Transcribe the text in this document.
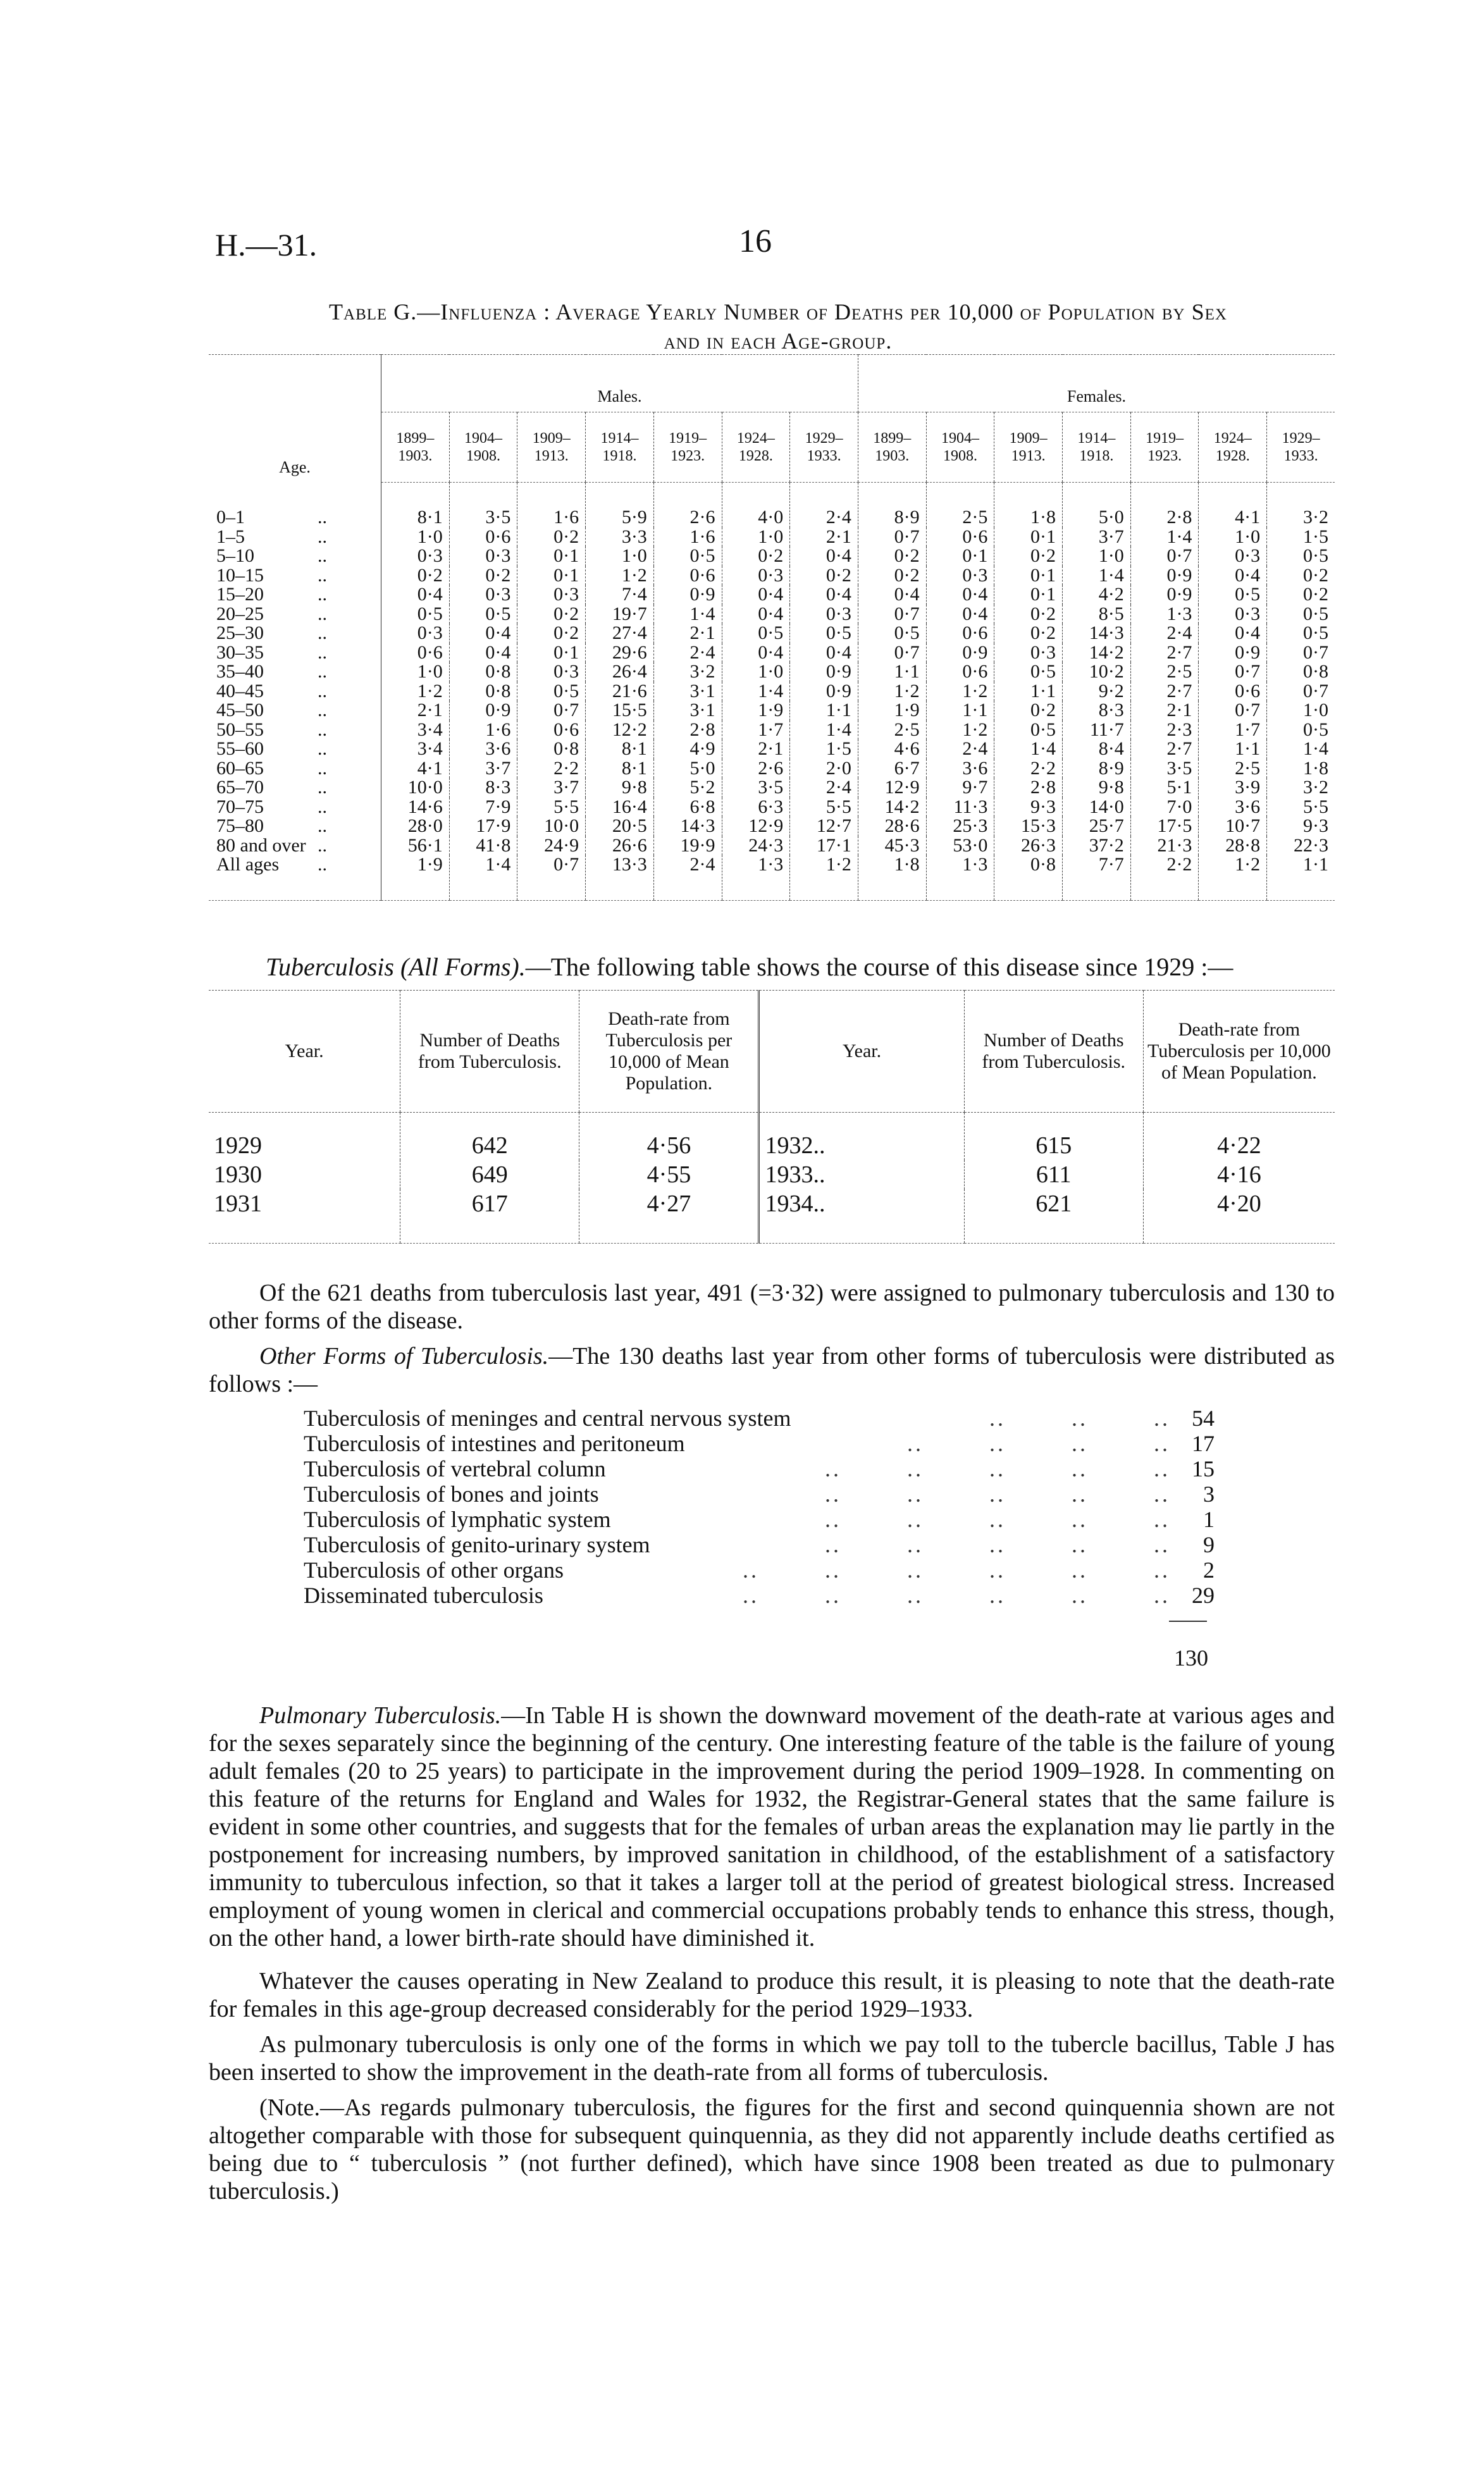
H.—31.	16
Table G.—Influenza : Average Yearly Number of Deaths per 10,000 of Population by Sex
and in each Age-group.
Age.		Males.							Females.						
		1899–1903.	1904–1908.	1909–1913.	1914–1918.	1919–1923.	1924–1928.	1929–1933.	1899–1903.	1904–1908.	1909–1913.	1914–1918.	1919–1923.	1924–1928.	1929–1933.
0–1	..	8·1	3·5	1·6	5·9	2·6	4·0	2·4	8·9	2·5	1·8	5·0	2·8	4·1	3·2
1–5	..	1·0	0·6	0·2	3·3	1·6	1·0	2·1	0·7	0·6	0·1	3·7	1·4	1·0	1·5
5–10	..	0·3	0·3	0·1	1·0	0·5	0·2	0·4	0·2	0·1	0·2	1·0	0·7	0·3	0·5
10–15	..	0·2	0·2	0·1	1·2	0·6	0·3	0·2	0·2	0·3	0·1	1·4	0·9	0·4	0·2
15–20	..	0·4	0·3	0·3	7·4	0·9	0·4	0·4	0·4	0·4	0·1	4·2	0·9	0·5	0·2
20–25	..	0·5	0·5	0·2	19·7	1·4	0·4	0·3	0·7	0·4	0·2	8·5	1·3	0·3	0·5
25–30	..	0·3	0·4	0·2	27·4	2·1	0·5	0·5	0·5	0·6	0·2	14·3	2·4	0·4	0·5
30–35	..	0·6	0·4	0·1	29·6	2·4	0·4	0·4	0·7	0·9	0·3	14·2	2·7	0·9	0·7
35–40	..	1·0	0·8	0·3	26·4	3·2	1·0	0·9	1·1	0·6	0·5	10·2	2·5	0·7	0·8
40–45	..	1·2	0·8	0·5	21·6	3·1	1·4	0·9	1·2	1·2	1·1	9·2	2·7	0·6	0·7
45–50	..	2·1	0·9	0·7	15·5	3·1	1·9	1·1	1·9	1·1	0·2	8·3	2·1	0·7	1·0
50–55	..	3·4	1·6	0·6	12·2	2·8	1·7	1·4	2·5	1·2	0·5	11·7	2·3	1·7	0·5
55–60	..	3·4	3·6	0·8	8·1	4·9	2·1	1·5	4·6	2·4	1·4	8·4	2·7	1·1	1·4
60–65	..	4·1	3·7	2·2	8·1	5·0	2·6	2·0	6·7	3·6	2·2	8·9	3·5	2·5	1·8
65–70	..	10·0	8·3	3·7	9·8	5·2	3·5	2·4	12·9	9·7	2·8	9·8	5·1	3·9	3·2
70–75	..	14·6	7·9	5·5	16·4	6·8	6·3	5·5	14·2	11·3	9·3	14·0	7·0	3·6	5·5
75–80	..	28·0	17·9	10·0	20·5	14·3	12·9	12·7	28·6	25·3	15·3	25·7	17·5	10·7	9·3
80 and over	..	56·1	41·8	24·9	26·6	19·9	24·3	17·1	45·3	53·0	26·3	37·2	21·3	28·8	22·3
All ages	..	1·9	1·4	0·7	13·3	2·4	1·3	1·2	1·8	1·3	0·8	7·7	2·2	1·2	1·1
Tuberculosis (All Forms).—The following table shows the course of this disease since 1929 :—
Year.	Number of Deaths from Tuberculosis.	Death-rate from Tuberculosis per 10,000 of Mean Population.	Year.	Number of Deaths from Tuberculosis.	Death-rate from Tuberculosis per 10,000 of Mean Population.
1929	642	4·56	1932..	615	4·22
1930	649	4·55	1933..	611	4·16
1931	617	4·27	1934..	621	4·20
Of the 621 deaths from tuberculosis last year, 491 (=3·32) were assigned to pulmonary tuberculosis and 130 to other forms of the disease.
Other Forms of Tuberculosis.—The 130 deaths last year from other forms of tuberculosis were distributed as follows :—
Tuberculosis of meninges and central nervous system	..        ..        .. 54
Tuberculosis of intestines and peritoneum	..        ..        ..        .. 17
Tuberculosis of vertebral column	..        ..        ..        ..        .. 15
Tuberculosis of bones and joints	..        ..        ..        ..        ..	3
Tuberculosis of lymphatic system	..        ..        ..        ..        ..	1
Tuberculosis of genito-urinary system	..        ..        ..        ..        ..	9
Tuberculosis of other organs	..        ..        ..        ..        ..        ..	2
Disseminated tuberculosis	..        ..        ..        ..        ..        .. 29
130
Pulmonary Tuberculosis.—In Table H is shown the downward movement of the death-rate at various ages and for the sexes separately since the beginning of the century. One interesting feature of the table is the failure of young adult females (20 to 25 years) to participate in the improvement during the period 1909–1928. In commenting on this feature of the returns for England and Wales for 1932, the Registrar-General states that the same failure is evident in some other countries, and suggests that for the females of urban areas the explanation may lie partly in the postponement for increasing numbers, by improved sanitation in childhood, of the establishment of a satisfactory immunity to tuberculous infection, so that it takes a larger toll at the period of greatest biological stress. Increased employment of young women in clerical and commercial occupations probably tends to enhance this stress, though, on the other hand, a lower birth-rate should have diminished it.
Whatever the causes operating in New Zealand to produce this result, it is pleasing to note that the death-rate for females in this age-group decreased considerably for the period 1929–1933.
As pulmonary tuberculosis is only one of the forms in which we pay toll to the tubercle bacillus, Table J has been inserted to show the improvement in the death-rate from all forms of tuberculosis.
(Note.—As regards pulmonary tuberculosis, the figures for the first and second quinquennia shown are not altogether comparable with those for subsequent quinquennia, as they did not apparently include deaths certified as being due to “ tuberculosis ” (not further defined), which have since 1908 been treated as due to pulmonary tuberculosis.)
